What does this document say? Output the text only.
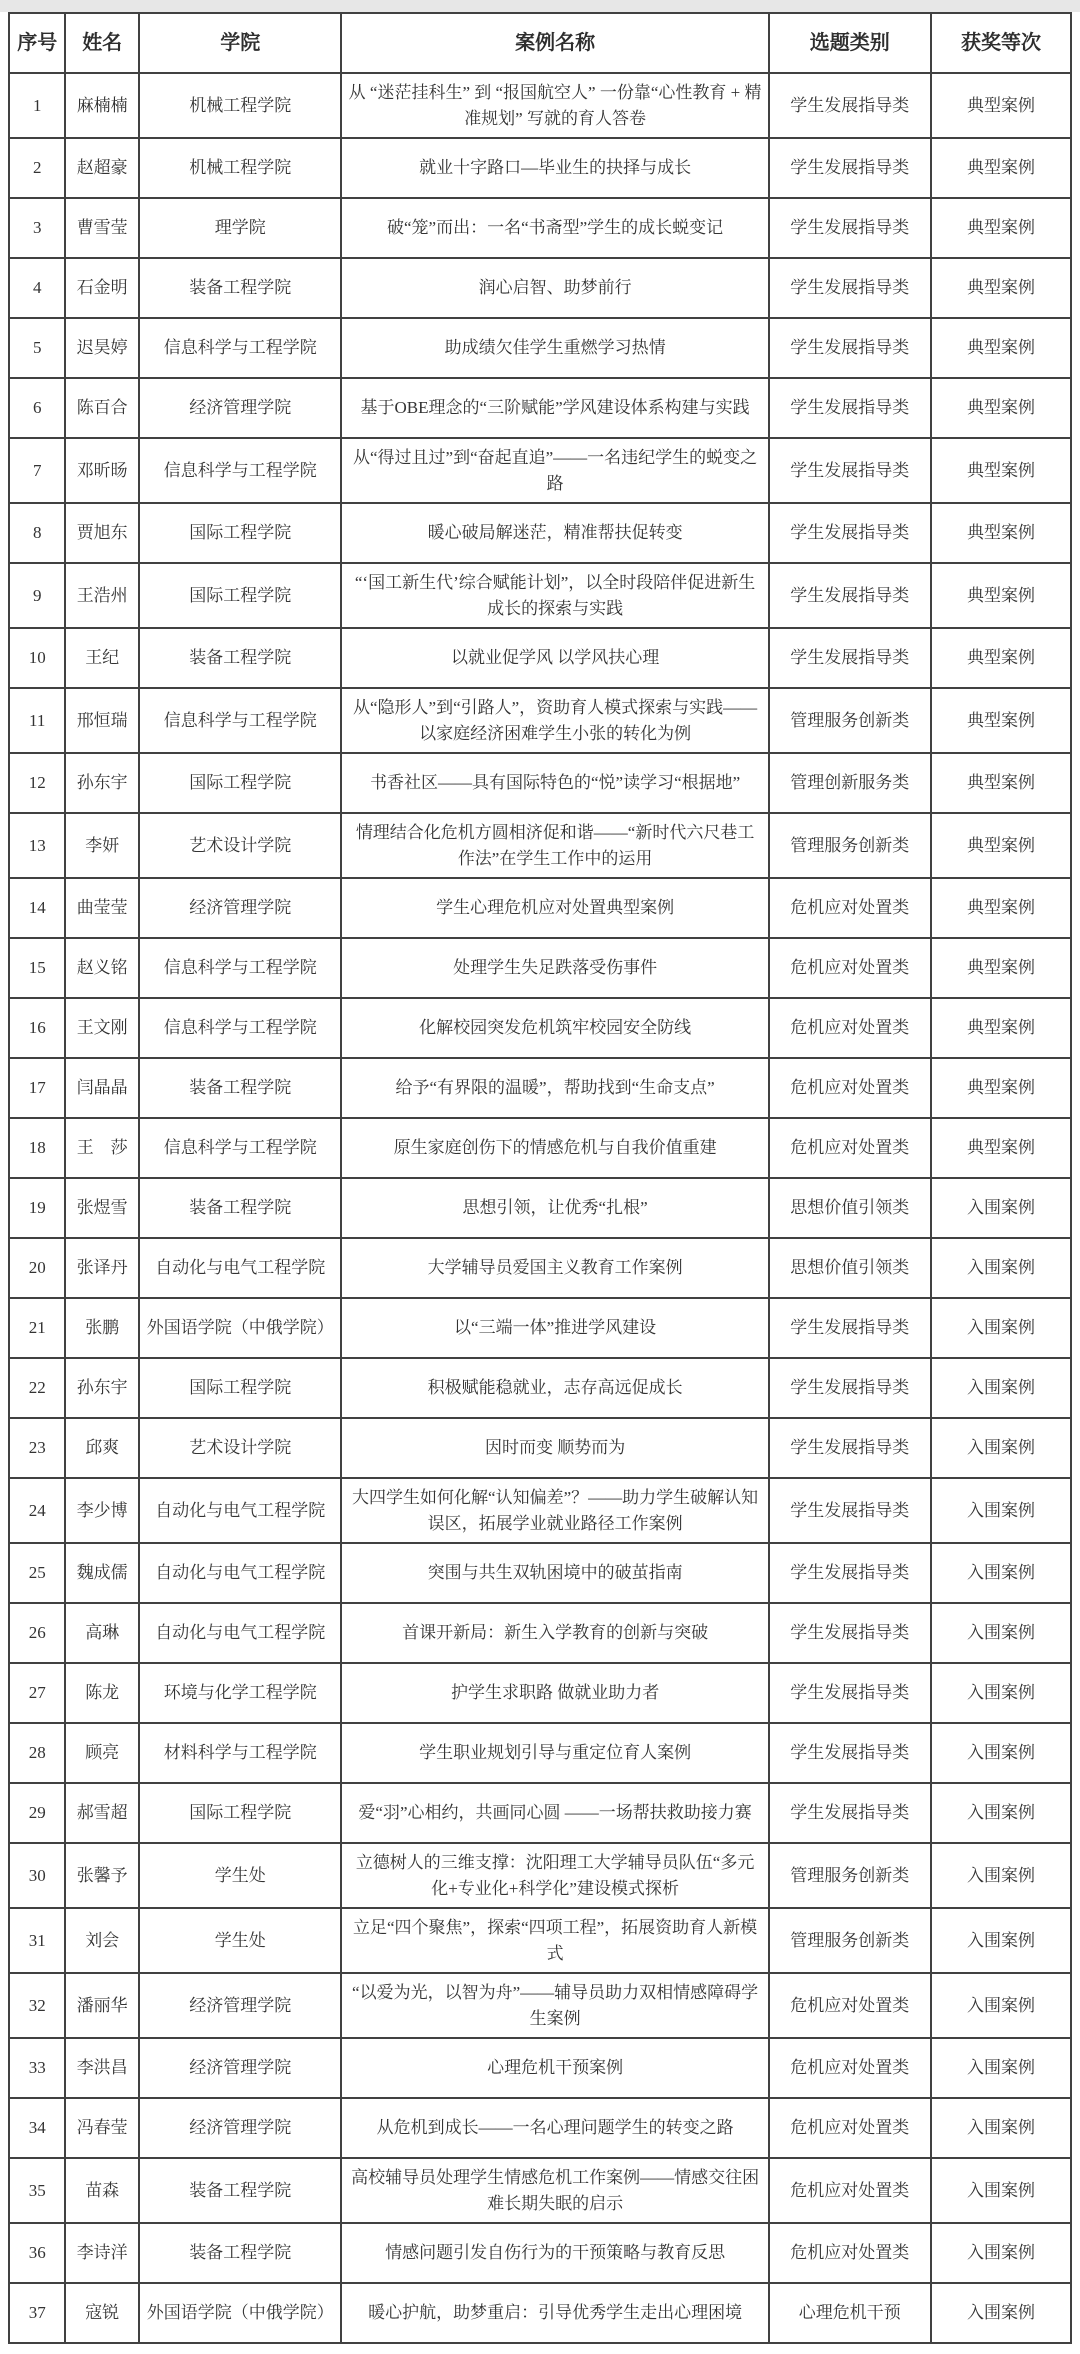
序号	姓名	学院	案例名称	选题类别	获奖等次
1	麻楠楠	机械工程学院	从 “迷茫挂科生” 到 “报国航空人” 一份靠“心性教育 + 精准规划” 写就的育人答卷	学生发展指导类	典型案例
2	赵超豪	机械工程学院	就业十字路口—毕业生的抉择与成长	学生发展指导类	典型案例
3	曹雪莹	理学院	破“笼”而出：一名“书斋型”学生的成长蜕变记	学生发展指导类	典型案例
4	石金明	装备工程学院	润心启智、助梦前行	学生发展指导类	典型案例
5	迟昊婷	信息科学与工程学院	助成绩欠佳学生重燃学习热情	学生发展指导类	典型案例
6	陈百合	经济管理学院	基于OBE理念的“三阶赋能”学风建设体系构建与实践	学生发展指导类	典型案例
7	邓昕旸	信息科学与工程学院	从“得过且过”到“奋起直追”——一名违纪学生的蜕变之路	学生发展指导类	典型案例
8	贾旭东	国际工程学院	暖心破局解迷茫，精准帮扶促转变	学生发展指导类	典型案例
9	王浩州	国际工程学院	“‘国工新生代’综合赋能计划”，以全时段陪伴促进新生成长的探索与实践	学生发展指导类	典型案例
10	王纪	装备工程学院	以就业促学风 以学风扶心理	学生发展指导类	典型案例
11	邢恒瑞	信息科学与工程学院	从“隐形人”到“引路人”，资助育人模式探索与实践——以家庭经济困难学生小张的转化为例	管理服务创新类	典型案例
12	孙东宇	国际工程学院	书香社区——具有国际特色的“悦”读学习“根据地”	管理创新服务类	典型案例
13	李妍	艺术设计学院	情理结合化危机方圆相济促和谐——“新时代六尺巷工作法”在学生工作中的运用	管理服务创新类	典型案例
14	曲莹莹	经济管理学院	学生心理危机应对处置典型案例	危机应对处置类	典型案例
15	赵义铭	信息科学与工程学院	处理学生失足跌落受伤事件	危机应对处置类	典型案例
16	王文刚	信息科学与工程学院	化解校园突发危机筑牢校园安全防线	危机应对处置类	典型案例
17	闫晶晶	装备工程学院	给予“有界限的温暖”，帮助找到“生命支点”	危机应对处置类	典型案例
18	王　莎	信息科学与工程学院	原生家庭创伤下的情感危机与自我价值重建	危机应对处置类	典型案例
19	张煜雪	装备工程学院	思想引领，让优秀“扎根”	思想价值引领类	入围案例
20	张译丹	自动化与电气工程学院	大学辅导员爱国主义教育工作案例	思想价值引领类	入围案例
21	张鹏	外国语学院（中俄学院）	以“三端一体”推进学风建设	学生发展指导类	入围案例
22	孙东宇	国际工程学院	积极赋能稳就业，志存高远促成长	学生发展指导类	入围案例
23	邱爽	艺术设计学院	因时而变 顺势而为	学生发展指导类	入围案例
24	李少博	自动化与电气工程学院	大四学生如何化解“认知偏差”？——助力学生破解认知误区，拓展学业就业路径工作案例	学生发展指导类	入围案例
25	魏成儒	自动化与电气工程学院	突围与共生双轨困境中的破茧指南	学生发展指导类	入围案例
26	高琳	自动化与电气工程学院	首课开新局：新生入学教育的创新与突破	学生发展指导类	入围案例
27	陈龙	环境与化学工程学院	护学生求职路 做就业助力者	学生发展指导类	入围案例
28	顾亮	材料科学与工程学院	学生职业规划引导与重定位育人案例	学生发展指导类	入围案例
29	郝雪超	国际工程学院	爱“羽”心相约，共画同心圆 ——一场帮扶救助接力赛	学生发展指导类	入围案例
30	张馨予	学生处	立德树人的三维支撑：沈阳理工大学辅导员队伍“多元化+专业化+科学化”建设模式探析	管理服务创新类	入围案例
31	刘会	学生处	立足“四个聚焦”，探索“四项工程”，拓展资助育人新模式	管理服务创新类	入围案例
32	潘丽华	经济管理学院	“以爱为光，以智为舟”——辅导员助力双相情感障碍学生案例	危机应对处置类	入围案例
33	李洪昌	经济管理学院	心理危机干预案例	危机应对处置类	入围案例
34	冯春莹	经济管理学院	从危机到成长——一名心理问题学生的转变之路	危机应对处置类	入围案例
35	苗森	装备工程学院	高校辅导员处理学生情感危机工作案例——情感交往困难长期失眠的启示	危机应对处置类	入围案例
36	李诗洋	装备工程学院	情感问题引发自伤行为的干预策略与教育反思	危机应对处置类	入围案例
37	寇锐	外国语学院（中俄学院）	暖心护航，助梦重启：引导优秀学生走出心理困境	心理危机干预	入围案例
